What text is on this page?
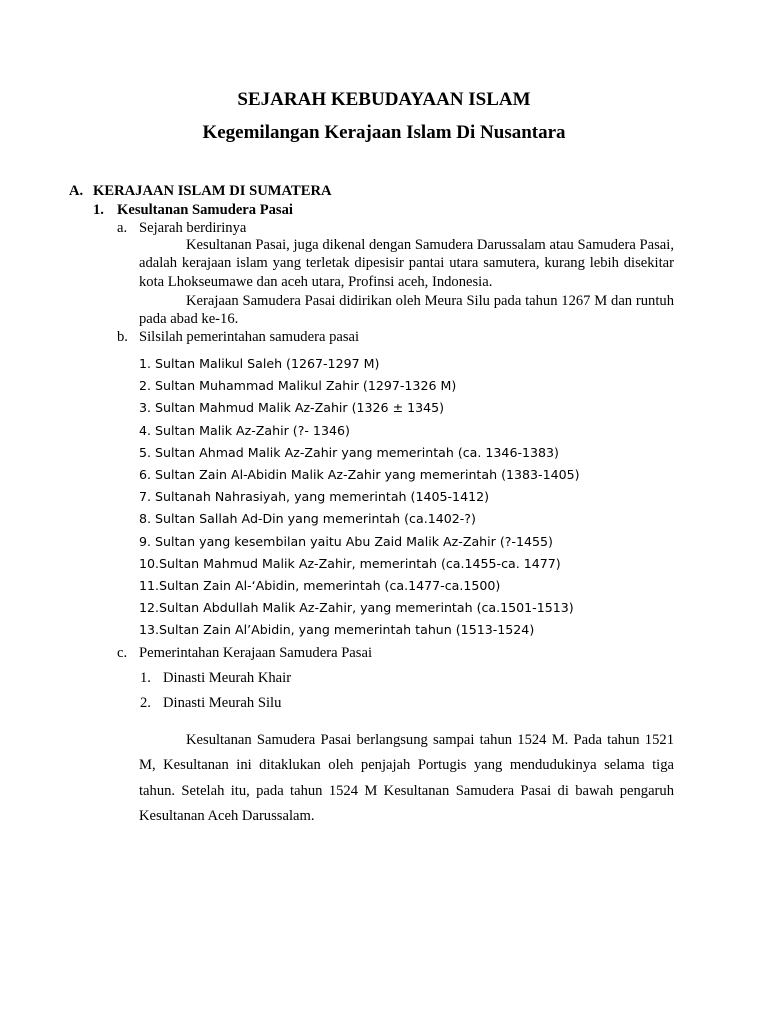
SEJARAH KEBUDAYAAN ISLAM
Kegemilangan Kerajaan Islam Di Nusantara
A. KERAJAAN ISLAM DI SUMATERA
1. Kesultanan Samudera Pasai
a. Sejarah berdirinya
Kesultanan Pasai, juga dikenal dengan Samudera Darussalam atau Samudera Pasai, adalah kerajaan islam yang terletak dipesisir pantai utara samutera, kurang lebih disekitar kota Lhokseumawe dan aceh utara, Profinsi aceh, Indonesia.
Kerajaan Samudera Pasai didirikan oleh Meura Silu pada tahun 1267 M dan runtuh pada abad ke-16.
b. Silsilah pemerintahan samudera pasai
1. Sultan Malikul Saleh (1267-1297 M)
2. Sultan Muhammad Malikul Zahir (1297-1326 M)
3. Sultan Mahmud Malik Az-Zahir (1326 ± 1345)
4. Sultan Malik Az-Zahir (?- 1346)
5. Sultan Ahmad Malik Az-Zahir yang memerintah (ca. 1346-1383)
6. Sultan Zain Al-Abidin Malik Az-Zahir yang memerintah (1383-1405)
7. Sultanah Nahrasiyah, yang memerintah (1405-1412)
8. Sultan Sallah Ad-Din yang memerintah (ca.1402-?)
9. Sultan yang kesembilan yaitu Abu Zaid Malik Az-Zahir (?-1455)
10.Sultan Mahmud Malik Az-Zahir, memerintah (ca.1455-ca. 1477)
11.Sultan Zain Al-‘Abidin, memerintah (ca.1477-ca.1500)
12.Sultan Abdullah Malik Az-Zahir, yang memerintah (ca.1501-1513)
13.Sultan Zain Al’Abidin, yang memerintah tahun (1513-1524)
c. Pemerintahan Kerajaan Samudera Pasai
1. Dinasti Meurah Khair
2. Dinasti Meurah Silu
Kesultanan Samudera Pasai berlangsung sampai tahun 1524 M. Pada tahun 1521 M, Kesultanan ini ditaklukan oleh penjajah Portugis yang mendudukinya selama tiga tahun. Setelah itu, pada tahun 1524 M Kesultanan Samudera Pasai di bawah pengaruh Kesultanan Aceh Darussalam.
